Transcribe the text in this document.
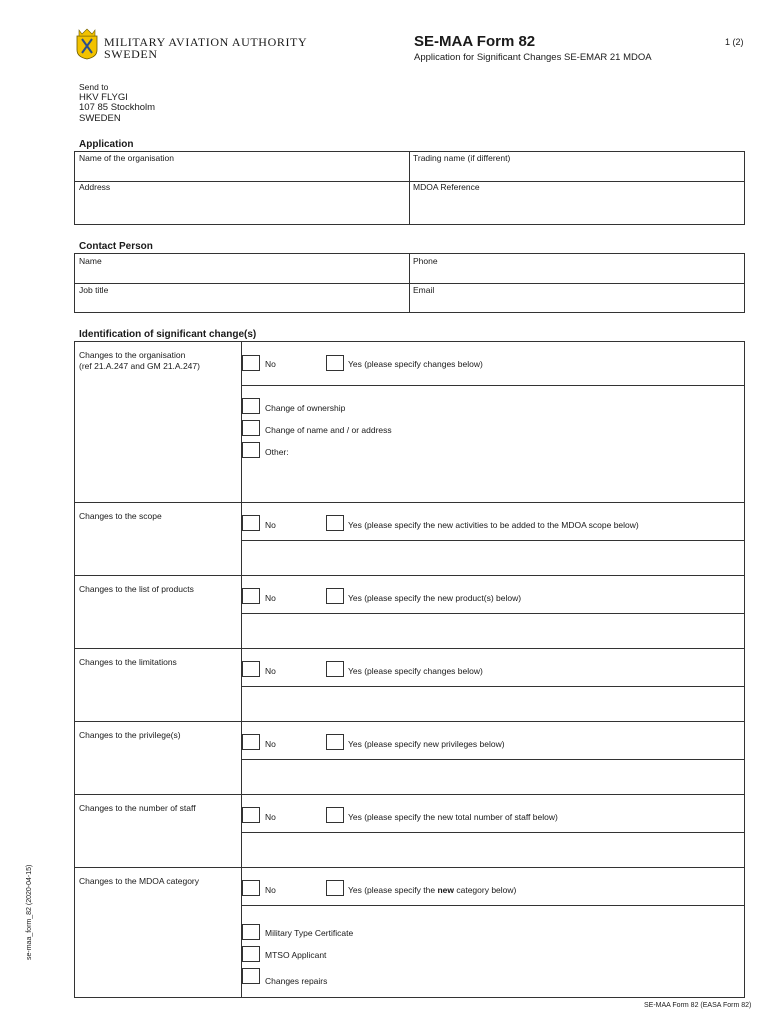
MILITARY AVIATION AUTHORITY
SWEDEN
SE-MAA Form 82	1 (2)
Application for Significant Changes SE-EMAR 21 MDOA
Send to
HKV FLYGI
107 85 Stockholm
SWEDEN
Application
Name of the organisation	Trading name (if different)
Address	MDOA Reference
Contact Person
Name	Phone
Job title	Email
Identification of significant change(s)
Changes to the organisation
(ref 21.A.247 and GM 21.A.247)	No	Yes (please specify changes below)
Change of ownership
Change of name and / or address
Other:
Changes to the scope
No	Yes (please specify the new activities to be added to the MDOA scope below)
Changes to the list of products
No	Yes (please specify the new product(s) below)
Changes to the limitations
No	Yes (please specify changes below)
Changes to the privilege(s)
No	Yes (please specify new privileges below)
Changes to the number of staff
No	Yes (please specify the new total number of staff below)
Changes to the MDOA category
No	Yes (please specify the new category below)
Military Type Certificate
MTSO Applicant
Changes repairs
se-maa_form_82 (2020-04-15)
SE-MAA Form 82 (EASA Form 82)
